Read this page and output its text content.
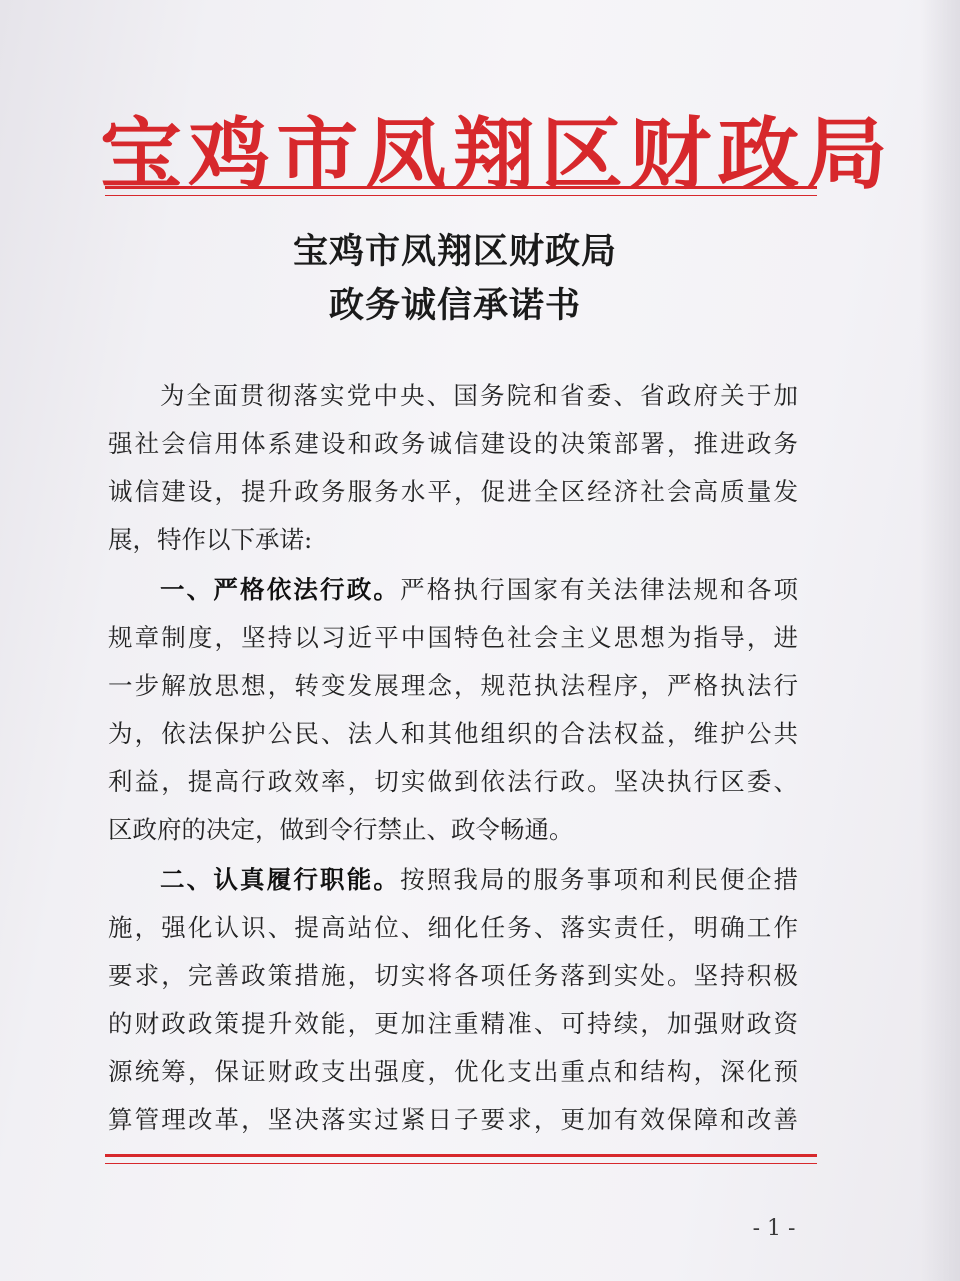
宝鸡市凤翔区财政局
宝鸡市凤翔区财政局
政务诚信承诺书
为全面贯彻落实党中央、国务院和省委、省政府关于加
强社会信用体系建设和政务诚信建设的决策部署，推进政务
诚信建设，提升政务服务水平，促进全区经济社会高质量发
展，特作以下承诺:
一、严格依法行政。严格执行国家有关法律法规和各项
规章制度，坚持以习近平中国特色社会主义思想为指导，进
一步解放思想，转变发展理念，规范执法程序，严格执法行
为，依法保护公民、法人和其他组织的合法权益，维护公共
利益，提高行政效率，切实做到依法行政。坚决执行区委、
区政府的决定，做到令行禁止、政令畅通。
二、认真履行职能。按照我局的服务事项和利民便企措
施，强化认识、提高站位、细化任务、落实责任，明确工作
要求，完善政策措施，切实将各项任务落到实处。坚持积极
的财政政策提升效能，更加注重精准、可持续，加强财政资
源统筹，保证财政支出强度，优化支出重点和结构，深化预
算管理改革，坚决落实过紧日子要求，更加有效保障和改善
- 1 -
